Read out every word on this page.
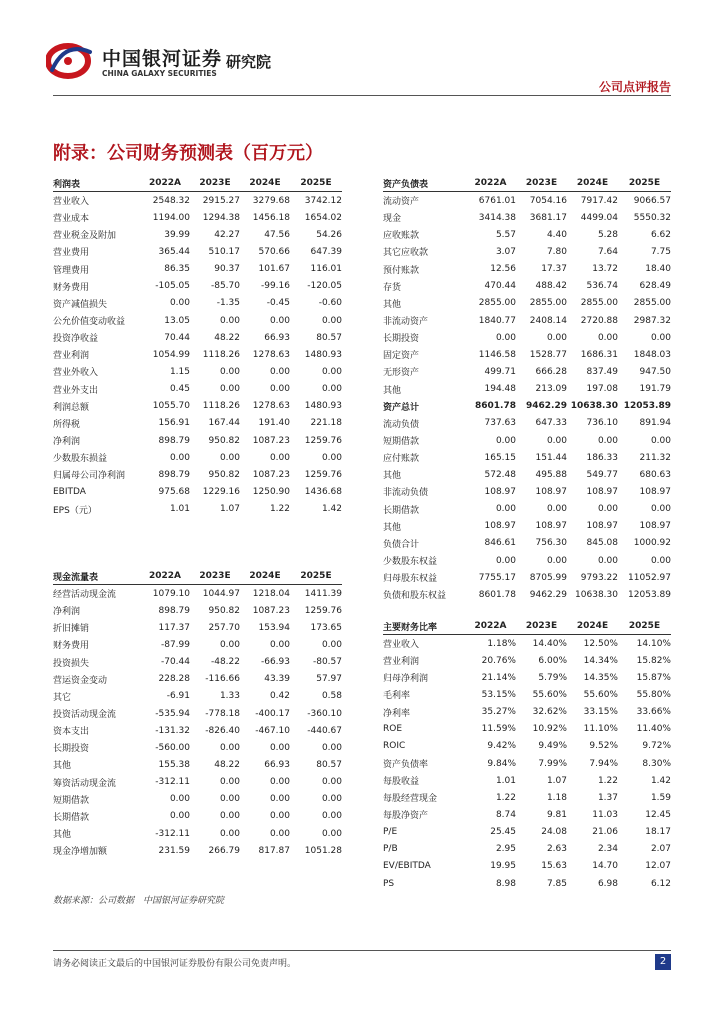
中国银河证券
CHINA GALAXY SECURITIES
研究院
公司点评报告
附录：公司财务预测表（百万元）
利润表	2022A	2023E	2024E	2025E
营业收入	2548.32	2915.27	3279.68	3742.12
营业成本	1194.00	1294.38	1456.18	1654.02
营业税金及附加	39.99	42.27	47.56	54.26
营业费用	365.44	510.17	570.66	647.39
管理费用	86.35	90.37	101.67	116.01
财务费用	-105.05	-85.70	-99.16	-120.05
资产减值损失	0.00	-1.35	-0.45	-0.60
公允价值变动收益	13.05	0.00	0.00	0.00
投资净收益	70.44	48.22	66.93	80.57
营业利润	1054.99	1118.26	1278.63	1480.93
营业外收入	1.15	0.00	0.00	0.00
营业外支出	0.45	0.00	0.00	0.00
利润总额	1055.70	1118.26	1278.63	1480.93
所得税	156.91	167.44	191.40	221.18
净利润	898.79	950.82	1087.23	1259.76
少数股东损益	0.00	0.00	0.00	0.00
归属母公司净利润	898.79	950.82	1087.23	1259.76
EBITDA	975.68	1229.16	1250.90	1436.68
EPS（元）	1.01	1.07	1.22	1.42
资产负债表	2022A	2023E	2024E	2025E
流动资产	6761.01	7054.16	7917.42	9066.57
现金	3414.38	3681.17	4499.04	5550.32
应收账款	5.57	4.40	5.28	6.62
其它应收款	3.07	7.80	7.64	7.75
预付账款	12.56	17.37	13.72	18.40
存货	470.44	488.42	536.74	628.49
其他	2855.00	2855.00	2855.00	2855.00
非流动资产	1840.77	2408.14	2720.88	2987.32
长期投资	0.00	0.00	0.00	0.00
固定资产	1146.58	1528.77	1686.31	1848.03
无形资产	499.71	666.28	837.49	947.50
其他	194.48	213.09	197.08	191.79
资产总计	8601.78	9462.29	10638.30	12053.89
流动负债	737.63	647.33	736.10	891.94
短期借款	0.00	0.00	0.00	0.00
应付账款	165.15	151.44	186.33	211.32
其他	572.48	495.88	549.77	680.63
非流动负债	108.97	108.97	108.97	108.97
长期借款	0.00	0.00	0.00	0.00
其他	108.97	108.97	108.97	108.97
负债合计	846.61	756.30	845.08	1000.92
少数股东权益	0.00	0.00	0.00	0.00
归母股东权益	7755.17	8705.99	9793.22	11052.97
负债和股东权益	8601.78	9462.29	10638.30	12053.89
现金流量表	2022A	2023E	2024E	2025E
经营活动现金流	1079.10	1044.97	1218.04	1411.39
净利润	898.79	950.82	1087.23	1259.76
折旧摊销	117.37	257.70	153.94	173.65
财务费用	-87.99	0.00	0.00	0.00
投资损失	-70.44	-48.22	-66.93	-80.57
营运资金变动	228.28	-116.66	43.39	57.97
其它	-6.91	1.33	0.42	0.58
投资活动现金流	-535.94	-778.18	-400.17	-360.10
资本支出	-131.32	-826.40	-467.10	-440.67
长期投资	-560.00	0.00	0.00	0.00
其他	155.38	48.22	66.93	80.57
筹资活动现金流	-312.11	0.00	0.00	0.00
短期借款	0.00	0.00	0.00	0.00
长期借款	0.00	0.00	0.00	0.00
其他	-312.11	0.00	0.00	0.00
现金净增加额	231.59	266.79	817.87	1051.28
主要财务比率	2022A	2023E	2024E	2025E
营业收入	1.18%	14.40%	12.50%	14.10%
营业利润	20.76%	6.00%	14.34%	15.82%
归母净利润	21.14%	5.79%	14.35%	15.87%
毛利率	53.15%	55.60%	55.60%	55.80%
净利率	35.27%	32.62%	33.15%	33.66%
ROE	11.59%	10.92%	11.10%	11.40%
ROIC	9.42%	9.49%	9.52%	9.72%
资产负债率	9.84%	7.99%	7.94%	8.30%
每股收益	1.01	1.07	1.22	1.42
每股经营现金	1.22	1.18	1.37	1.59
每股净资产	8.74	9.81	11.03	12.45
P/E	25.45	24.08	21.06	18.17
P/B	2.95	2.63	2.34	2.07
EV/EBITDA	19.95	15.63	14.70	12.07
PS	8.98	7.85	6.98	6.12
数据来源：公司数据　中国银河证券研究院
请务必阅读正文最后的中国银河证券股份有限公司免责声明。	2
